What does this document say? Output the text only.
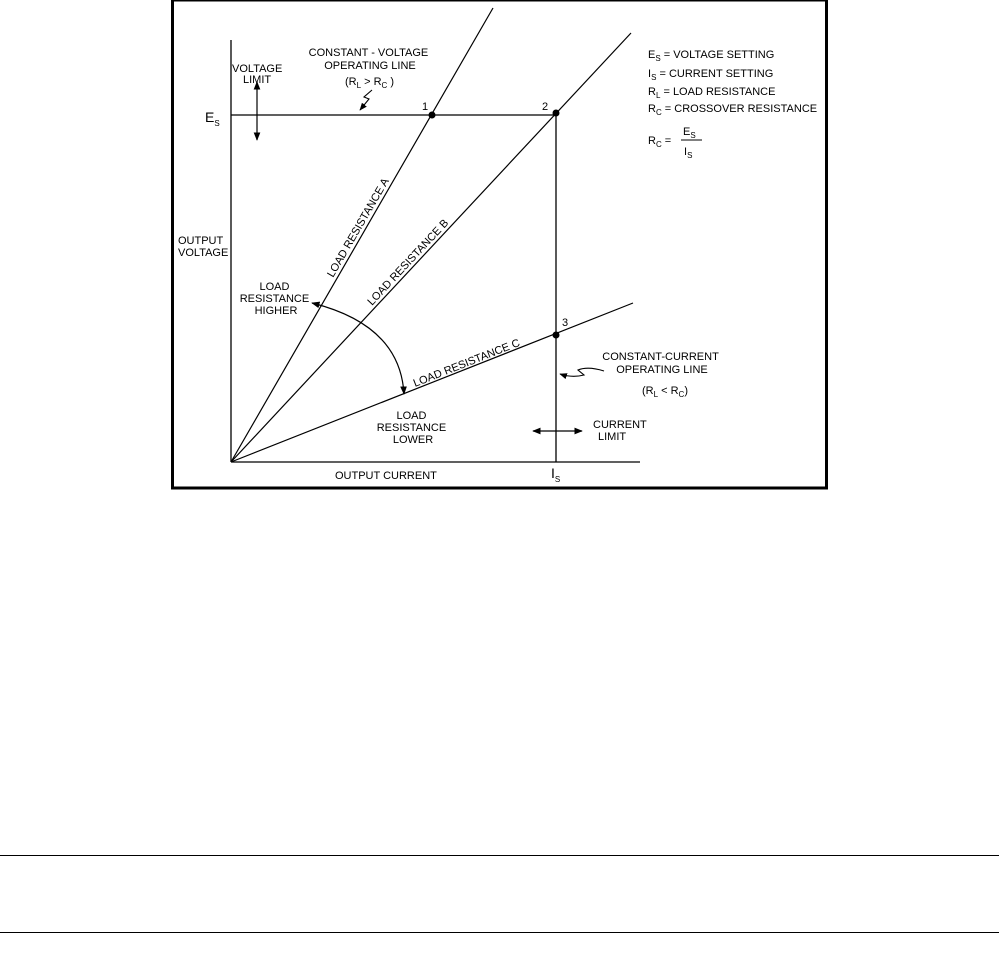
1	2
3
VOLTAGE LIMIT
$E_S$
OUTPUT VOLTAGE
CONSTANT - VOLTAGE OPERATING LINE
($R_L > R_C$ )
LOAD RESISTANCE A
LOAD RESISTANCE B
LOAD RESISTANCE C
LOAD RESISTANCE HIGHER
LOAD RESISTANCE LOWER
CONSTANT-CURRENT OPERATING LINE
$(R_L < R_C)$
CURRENT LIMIT
OUTPUT CURRENT	$I_S$
$E_S$ = VOLTAGE SETTING
$I_S$ = CURRENT SETTING
$R_L$ = LOAD RESISTANCE
$R_C$ = CROSSOVER RESISTANCE
$R_C$ =
$E_S$
$I_S$
